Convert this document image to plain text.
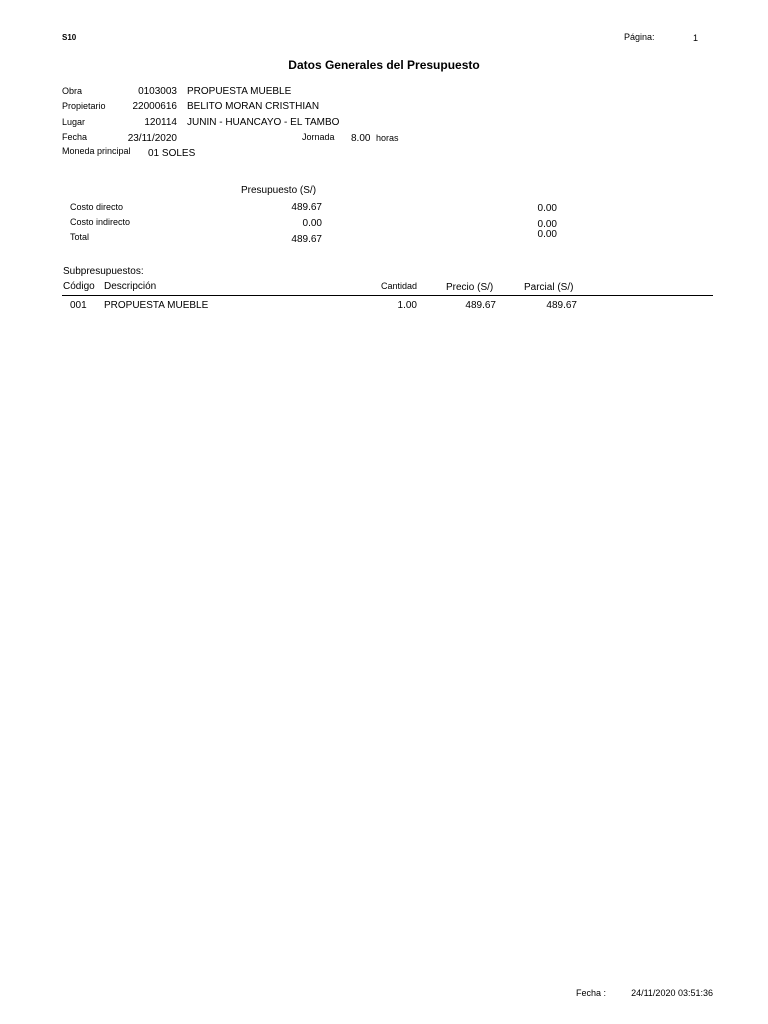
S10	Página:	1
Datos Generales del Presupuesto
Obra	0103003 PROPUESTA MUEBLE
Propietario	22000616 BELITO MORAN CRISTHIAN
Lugar	120114 JUNIN - HUANCAYO - EL TAMBO
Fecha	23/11/2020	Jornada 8.00 horas
Moneda principal 01 SOLES
Presupuesto (S/)
Costo directo	489.67	0.00
Costo indirecto	0.00	0.00
Total	489.67	0.00
Subpresupuestos:
Código Descripción	Cantidad	Precio (S/)	Parcial (S/)
001 PROPUESTA MUEBLE	1.00	489.67	489.67
Fecha :	24/11/2020 03:51:36
